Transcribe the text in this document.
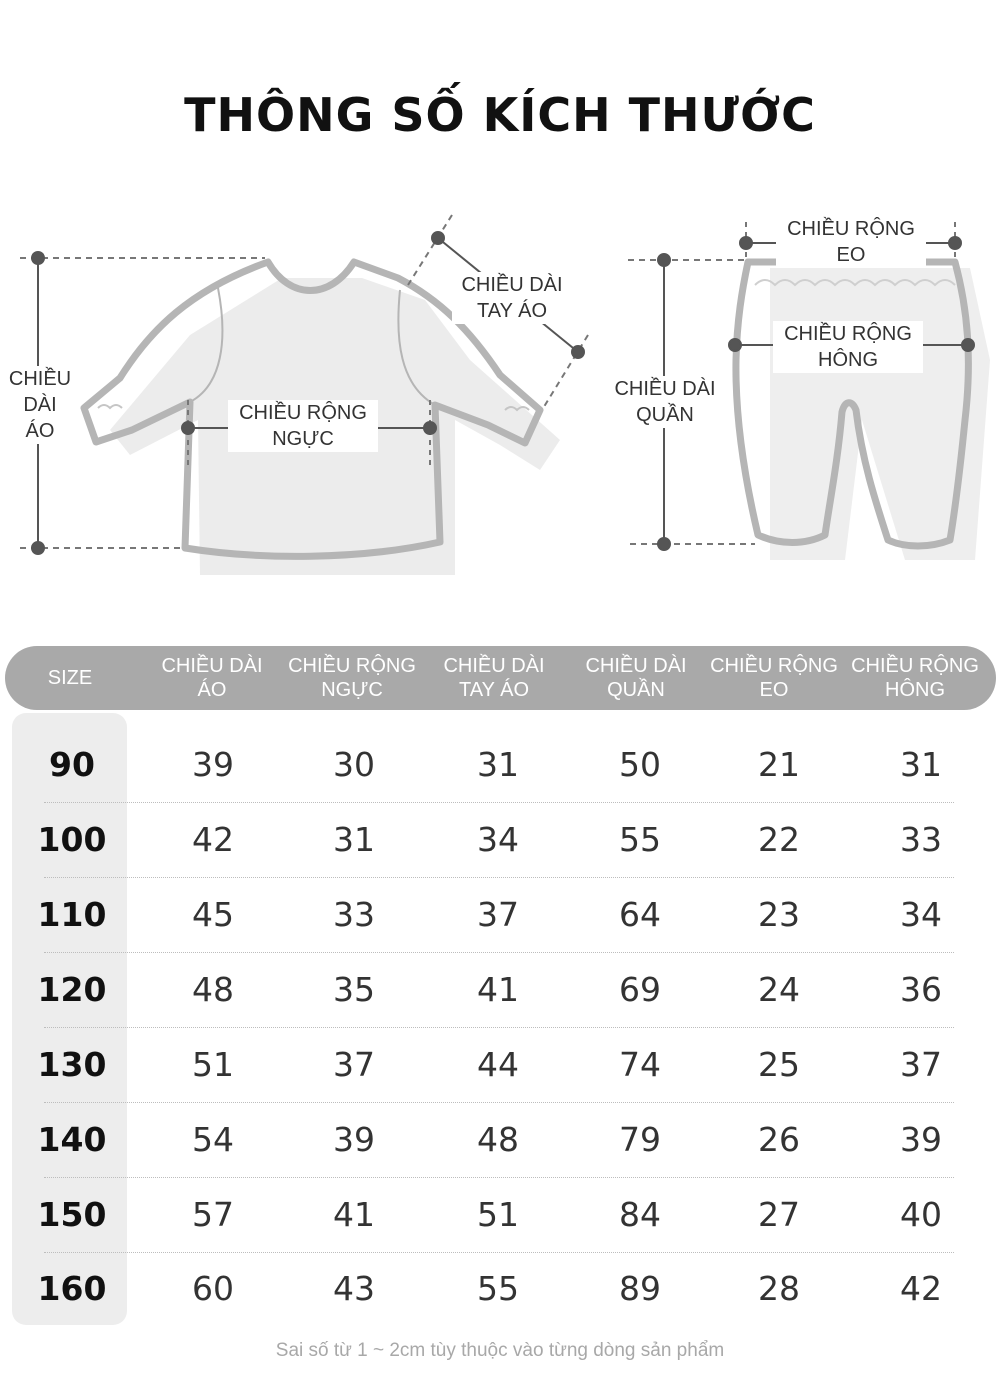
THÔNG SỐ KÍCH THƯỚC
CHIỀU
DÀI
ÁO
CHIỀU DÀI
TAY ÁO
CHIỀU RỘNG
NGỰC
CHIỀU RỘNG
EO
CHIỀU RỘNG
HÔNG
CHIỀU DÀI
QUẦN
SIZE
CHIỀU DÀI
ÁO
CHIỀU RỘNG
NGỰC
CHIỀU DÀI
TAY ÁO
CHIỀU DÀI
QUẦN
CHIỀU RỘNG
EO
CHIỀU RỘNG
HÔNG
90	39	30	31	50	21	31
100	42	31	34	55	22	33
110	45	33	37	64	23	34
120	48	35	41	69	24	36
130	51	37	44	74	25	37
140	54	39	48	79	26	39
150	57	41	51	84	27	40
160	60	43	55	89	28	42
Sai số từ 1 ~ 2cm tùy thuộc vào từng dòng sản phẩm
